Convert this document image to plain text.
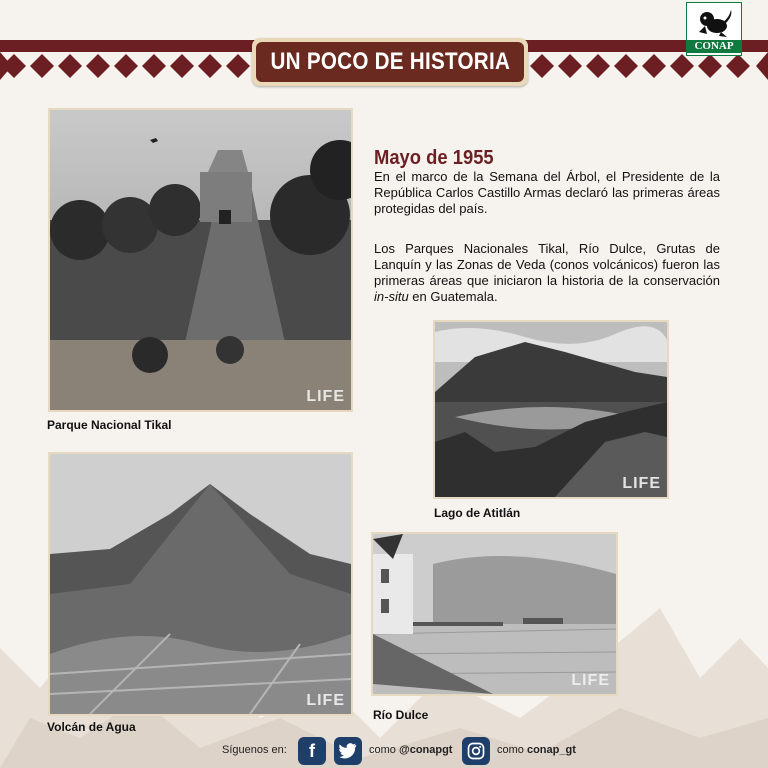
UN POCO DE HISTORIA
CONAP
LIFE
Parque Nacional Tikal
Mayo de 1955

En el marco de la Semana del Árbol, el Presidente de la República Carlos Castillo Armas declaró las primeras áreas protegidas del país.

Los Parques Nacionales Tikal, Río Dulce, Grutas de Lanquín y las Zonas de Veda (conos volcánicos) fueron las primeras áreas que iniciaron la historia de la conservación in-situ en Guatemala.

LIFE
Lago de Atitlán
LIFE
Volcán de Agua
LIFE
Río Dulce
Síguenos en: f	como @conapgt	como conap_gt
